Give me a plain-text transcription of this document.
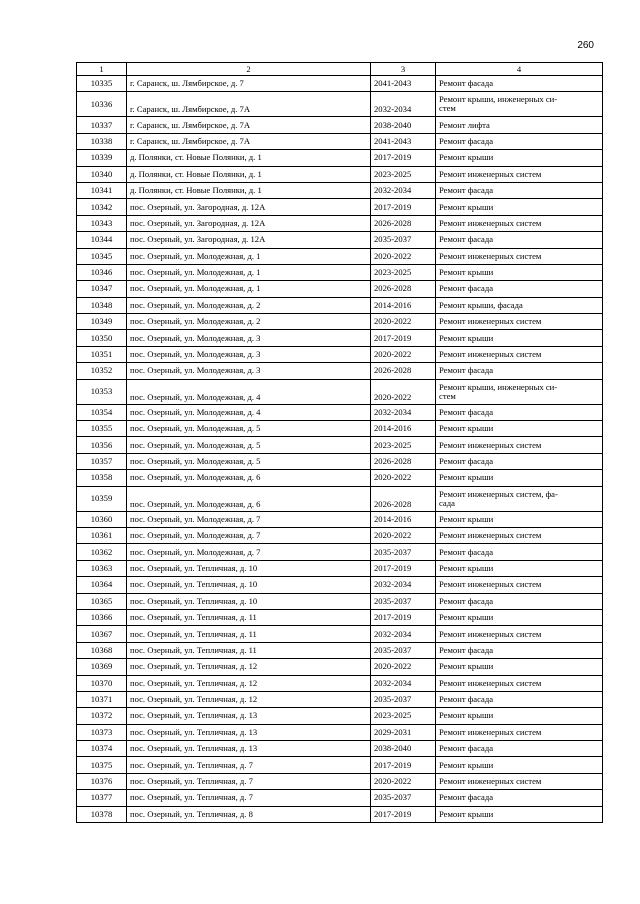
260
1	2	3	4
10335	г. Саранск, ш. Лямбирское, д. 7	2041-2043	Ремонт фасада
10336	г. Саранск, ш. Лямбирское, д. 7А	2032-2034	Ремонт крыши, инженерных си-
стем
10337	г. Саранск, ш. Лямбирское, д. 7А	2038-2040	Ремонт лифта
10338	г. Саранск, ш. Лямбирское, д. 7А	2041-2043	Ремонт фасада
10339	д. Полянки, ст. Новые Полянки, д. 1	2017-2019	Ремонт крыши
10340	д. Полянки, ст. Новые Полянки, д. 1	2023-2025	Ремонт инженерных систем
10341	д. Полянки, ст. Новые Полянки, д. 1	2032-2034	Ремонт фасада
10342	пос. Озерный, ул. Загородная, д. 12А	2017-2019	Ремонт крыши
10343	пос. Озерный, ул. Загородная, д. 12А	2026-2028	Ремонт инженерных систем
10344	пос. Озерный, ул. Загородная, д. 12А	2035-2037	Ремонт фасада
10345	пос. Озерный, ул. Молодежная, д. 1	2020-2022	Ремонт инженерных систем
10346	пос. Озерный, ул. Молодежная, д. 1	2023-2025	Ремонт крыши
10347	пос. Озерный, ул. Молодежная, д. 1	2026-2028	Ремонт фасада
10348	пос. Озерный, ул. Молодежная, д. 2	2014-2016	Ремонт крыши, фасада
10349	пос. Озерный, ул. Молодежная, д. 2	2020-2022	Ремонт инженерных систем
10350	пос. Озерный, ул. Молодежная, д. 3	2017-2019	Ремонт крыши
10351	пос. Озерный, ул. Молодежная, д. 3	2020-2022	Ремонт инженерных систем
10352	пос. Озерный, ул. Молодежная, д. 3	2026-2028	Ремонт фасада
10353	пос. Озерный, ул. Молодежная, д. 4	2020-2022	Ремонт крыши, инженерных си-
стем
10354	пос. Озерный, ул. Молодежная, д. 4	2032-2034	Ремонт фасада
10355	пос. Озерный, ул. Молодежная, д. 5	2014-2016	Ремонт крыши
10356	пос. Озерный, ул. Молодежная, д. 5	2023-2025	Ремонт инженерных систем
10357	пос. Озерный, ул. Молодежная, д. 5	2026-2028	Ремонт фасада
10358	пос. Озерный, ул. Молодежная, д. 6	2020-2022	Ремонт крыши
10359	пос. Озерный, ул. Молодежная, д. 6	2026-2028	Ремонт инженерных систем, фа-
сада
10360	пос. Озерный, ул. Молодежная, д. 7	2014-2016	Ремонт крыши
10361	пос. Озерный, ул. Молодежная, д. 7	2020-2022	Ремонт инженерных систем
10362	пос. Озерный, ул. Молодежная, д. 7	2035-2037	Ремонт фасада
10363	пос. Озерный, ул. Тепличная, д. 10	2017-2019	Ремонт крыши
10364	пос. Озерный, ул. Тепличная, д. 10	2032-2034	Ремонт инженерных систем
10365	пос. Озерный, ул. Тепличная, д. 10	2035-2037	Ремонт фасада
10366	пос. Озерный, ул. Тепличная, д. 11	2017-2019	Ремонт крыши
10367	пос. Озерный, ул. Тепличная, д. 11	2032-2034	Ремонт инженерных систем
10368	пос. Озерный, ул. Тепличная, д. 11	2035-2037	Ремонт фасада
10369	пос. Озерный, ул. Тепличная, д. 12	2020-2022	Ремонт крыши
10370	пос. Озерный, ул. Тепличная, д. 12	2032-2034	Ремонт инженерных систем
10371	пос. Озерный, ул. Тепличная, д. 12	2035-2037	Ремонт фасада
10372	пос. Озерный, ул. Тепличная, д. 13	2023-2025	Ремонт крыши
10373	пос. Озерный, ул. Тепличная, д. 13	2029-2031	Ремонт инженерных систем
10374	пос. Озерный, ул. Тепличная, д. 13	2038-2040	Ремонт фасада
10375	пос. Озерный, ул. Тепличная, д. 7	2017-2019	Ремонт крыши
10376	пос. Озерный, ул. Тепличная, д. 7	2020-2022	Ремонт инженерных систем
10377	пос. Озерный, ул. Тепличная, д. 7	2035-2037	Ремонт фасада
10378	пос. Озерный, ул. Тепличная, д. 8	2017-2019	Ремонт крыши
